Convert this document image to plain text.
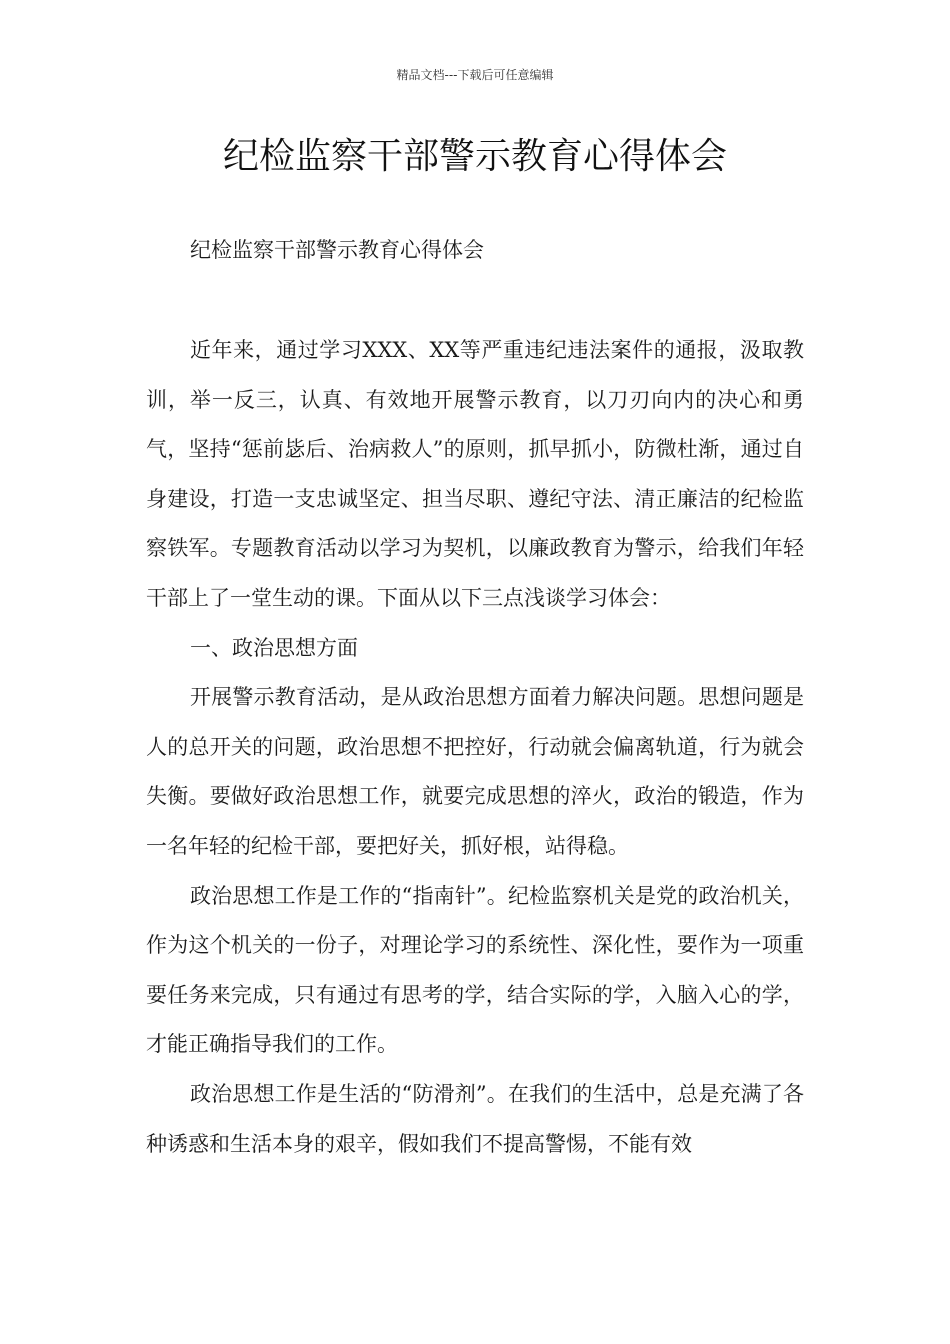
精品文档---下载后可任意编辑
纪检监察干部警示教育心得体会
纪检监察干部警示教育心得体会

近年来，通过学习XXX、XX等严重违纪违法案件的通报，汲取教训，举一反三，认真、有效地开展警示教育，以刀刃向内的决心和勇气，坚持“惩前毖后、治病救人”的原则，抓早抓小，防微杜渐，通过自身建设，打造一支忠诚坚定、担当尽职、遵纪守法、清正廉洁的纪检监察铁军。专题教育活动以学习为契机，以廉政教育为警示，给我们年轻干部上了一堂生动的课。下面从以下三点浅谈学习体会：

一、政治思想方面

开展警示教育活动，是从政治思想方面着力解决问题。思想问题是人的总开关的问题，政治思想不把控好，行动就会偏离轨道，行为就会失衡。要做好政治思想工作，就要完成思想的淬火，政治的锻造，作为一名年轻的纪检干部，要把好关，抓好根，站得稳。

政治思想工作是工作的“指南针”。纪检监察机关是党的政治机关，作为这个机关的一份子，对理论学习的系统性、深化性，要作为一项重要任务来完成，只有通过有思考的学，结合实际的学，入脑入心的学，才能正确指导我们的工作。

政治思想工作是生活的“防滑剂”。在我们的生活中，总是充满了各种诱惑和生活本身的艰辛，假如我们不提高警惕，不能有效
